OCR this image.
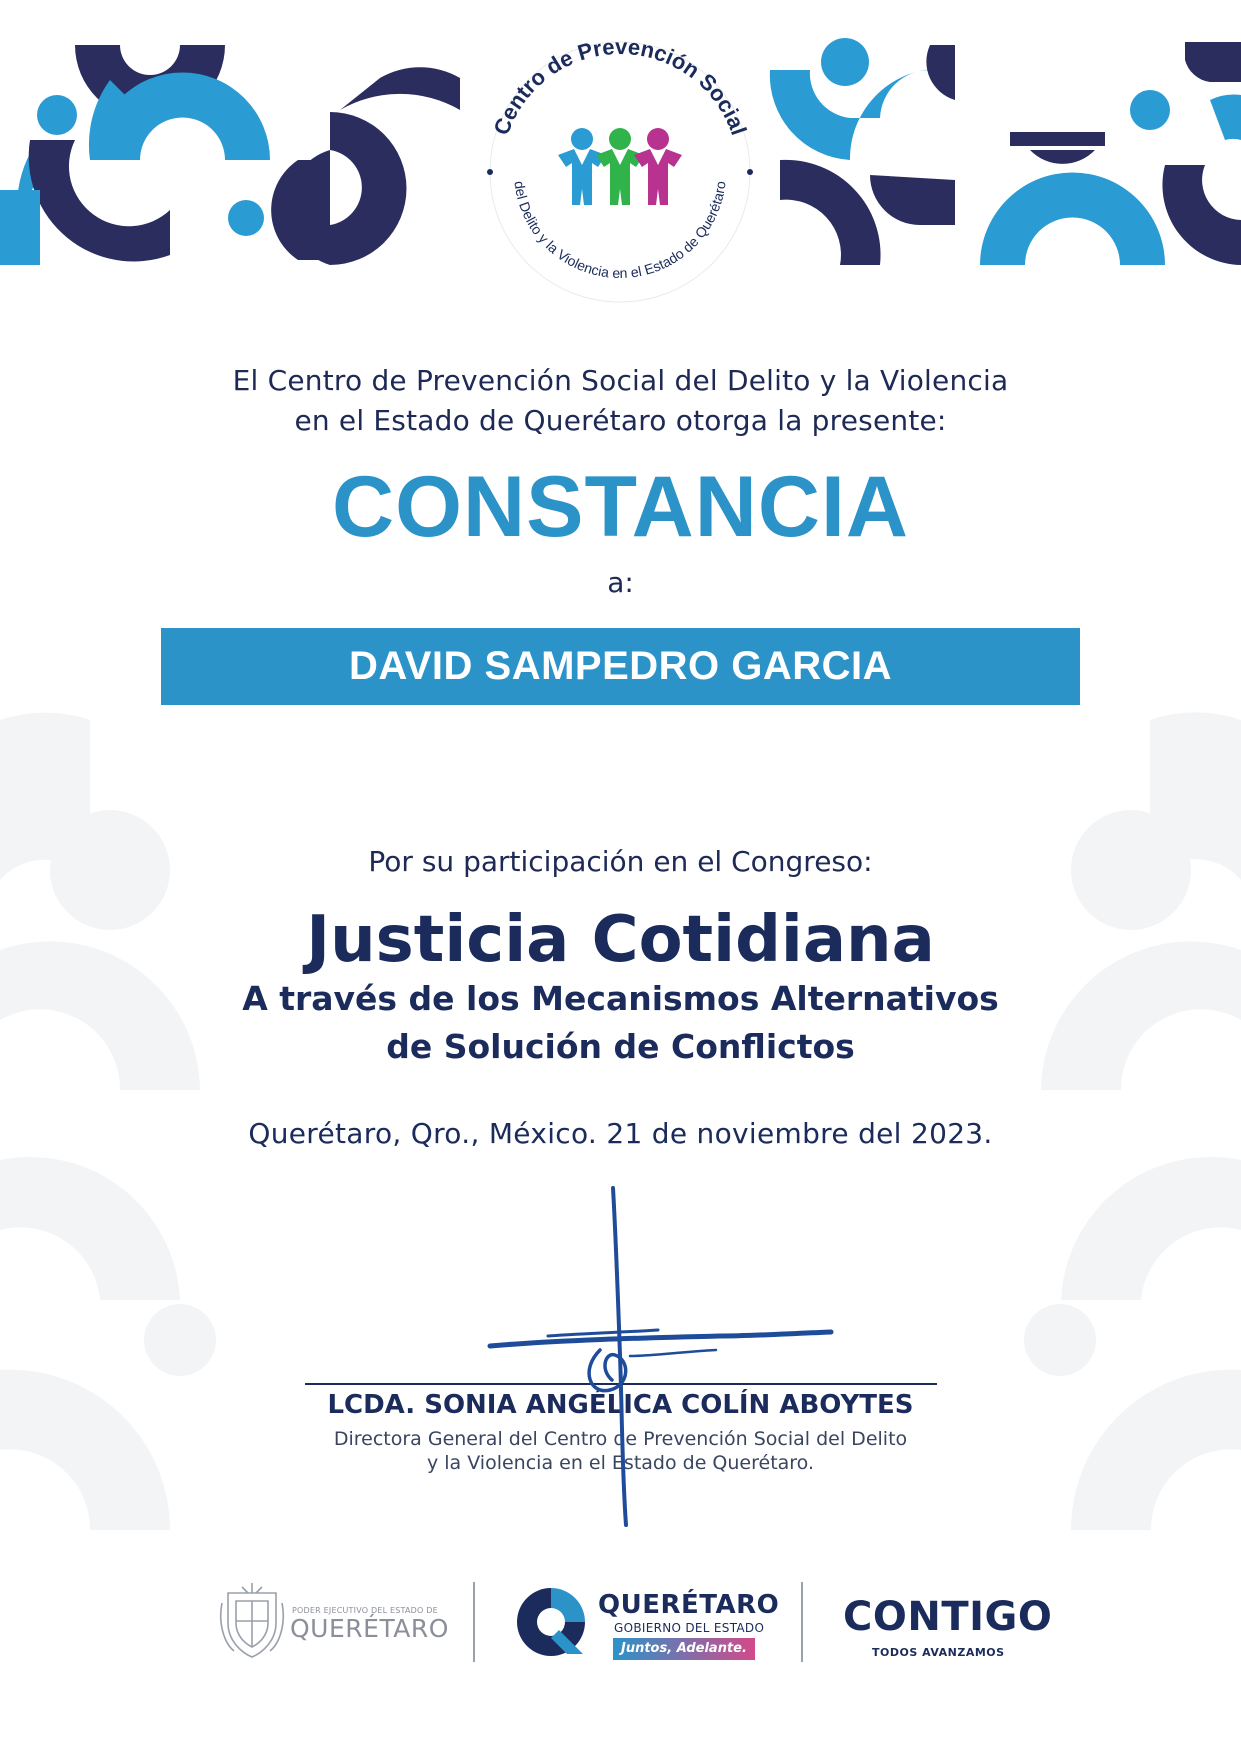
Centro de Prevención Social
del Delito y la Violencia en el Estado de Querétaro
El Centro de Prevención Social del Delito y la Violencia
en el Estado de Querétaro otorga la presente:
CONSTANCIA
a:
DAVID SAMPEDRO GARCIA
Por su participación en el Congreso:
Justicia Cotidiana
A través de los Mecanismos Alternativos
de Solución de Conflictos
Querétaro, Qro., México. 21 de noviembre del 2023.
LCDA. SONIA ANGÉLICA COLÍN ABOYTES
Directora General del Centro de Prevención Social del Delito
y la Violencia en el Estado de Querétaro.
PODER EJECUTIVO DEL ESTADO DE
QUERÉTARO
QUERÉTARO
GOBIERNO DEL ESTADO
Juntos, Adelante.
CONTIGO
TODOS AVANZAMOS
